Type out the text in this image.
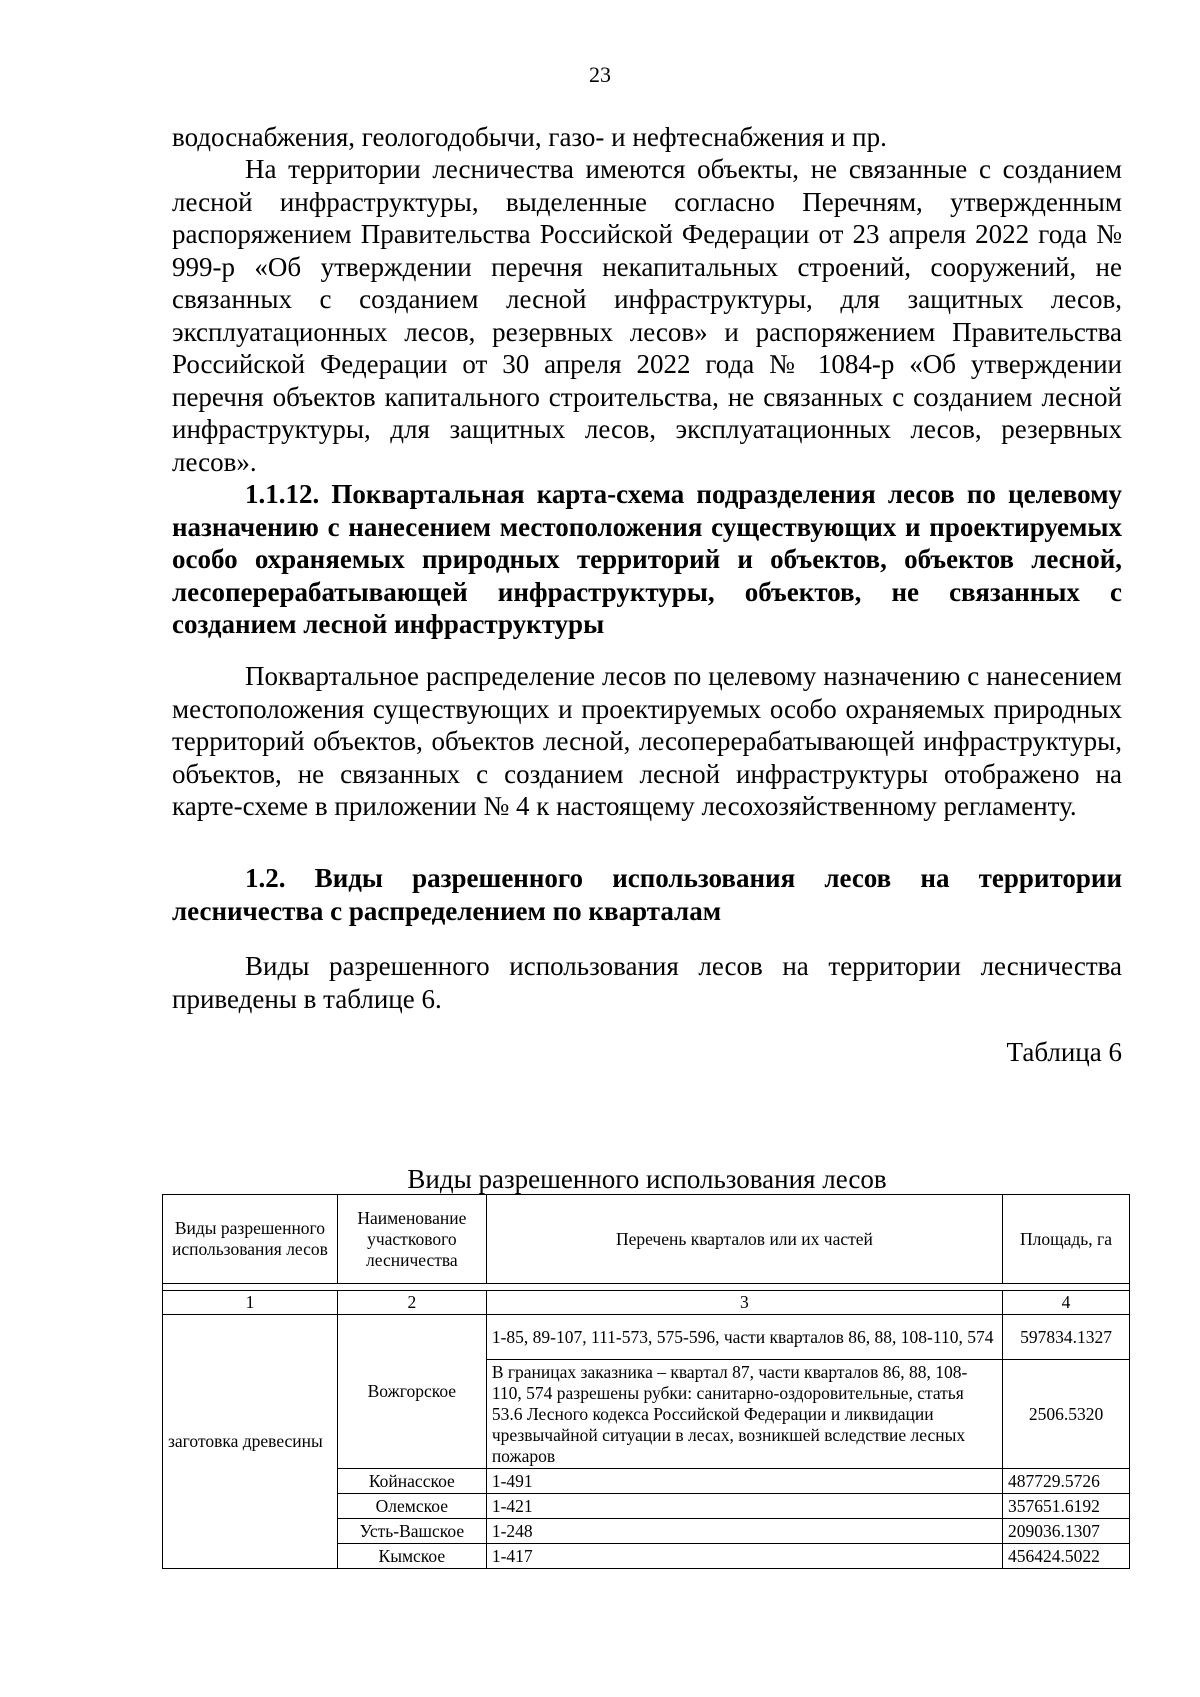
23

водоснабжения, геологодобычи, газо- и нефтеснабжения и пр.

На территории лесничества имеются объекты, не связанные с созданием лесной инфраструктуры, выделенные согласно Перечням, утвержденным распоряжением Правительства Российской Федерации от 23 апреля 2022 года № 999-р «Об утверждении перечня некапитальных строений, сооружений, не связанных с созданием лесной инфраструктуры, для защитных лесов, эксплуатационных лесов, резервных лесов» и распоряжением Правительства Российской Федерации от 30 апреля 2022 года № 1084-р «Об утверждении перечня объектов капитального строительства, не связанных с созданием лесной инфраструктуры, для защитных лесов, эксплуатационных лесов, резервных лесов».

1.1.12. Поквартальная карта-схема подразделения лесов по целевому назначению с нанесением местоположения существующих и проектируемых особо охраняемых природных территорий и объектов, объектов лесной, лесоперерабатывающей инфраструктуры, объектов, не связанных с созданием лесной инфраструктуры

Поквартальное распределение лесов по целевому назначению с нанесением местоположения существующих и проектируемых особо охраняемых природных территорий объектов, объектов лесной, лесоперерабатывающей инфраструктуры, объектов, не связанных с созданием лесной инфраструктуры отображено на карте-схеме в приложении № 4 к настоящему лесохозяйственному регламенту.

1.2. Виды разрешенного использования лесов на территории лесничества с распределением по кварталам

Виды разрешенного использования лесов на территории лесничества приведены в таблице 6.

Таблица 6

Виды разрешенного использования лесов
Виды разрешенного использования лесов	Наименование участкового лесничества	Перечень кварталов или их частей	Площадь, га

1	2	3	4
заготовка древесины	Вожгорское	1-85, 89-107, 111-573, 575-596, части кварталов 86, 88, 108-110, 574	597834.1327
		В границах заказника – квартал 87, части кварталов 86, 88, 108-110, 574 разрешены рубки: санитарно-оздоровительные, статья 53.6 Лесного кодекса Российской Федерации и ликвидации чрезвычайной ситуации в лесах, возникшей вследствие лесных пожаров	2506.5320
	Койнасское	1-491	487729.5726
	Олемское	1-421	357651.6192
	Усть-Вашское	1-248	209036.1307
	Кымское	1-417	456424.5022
